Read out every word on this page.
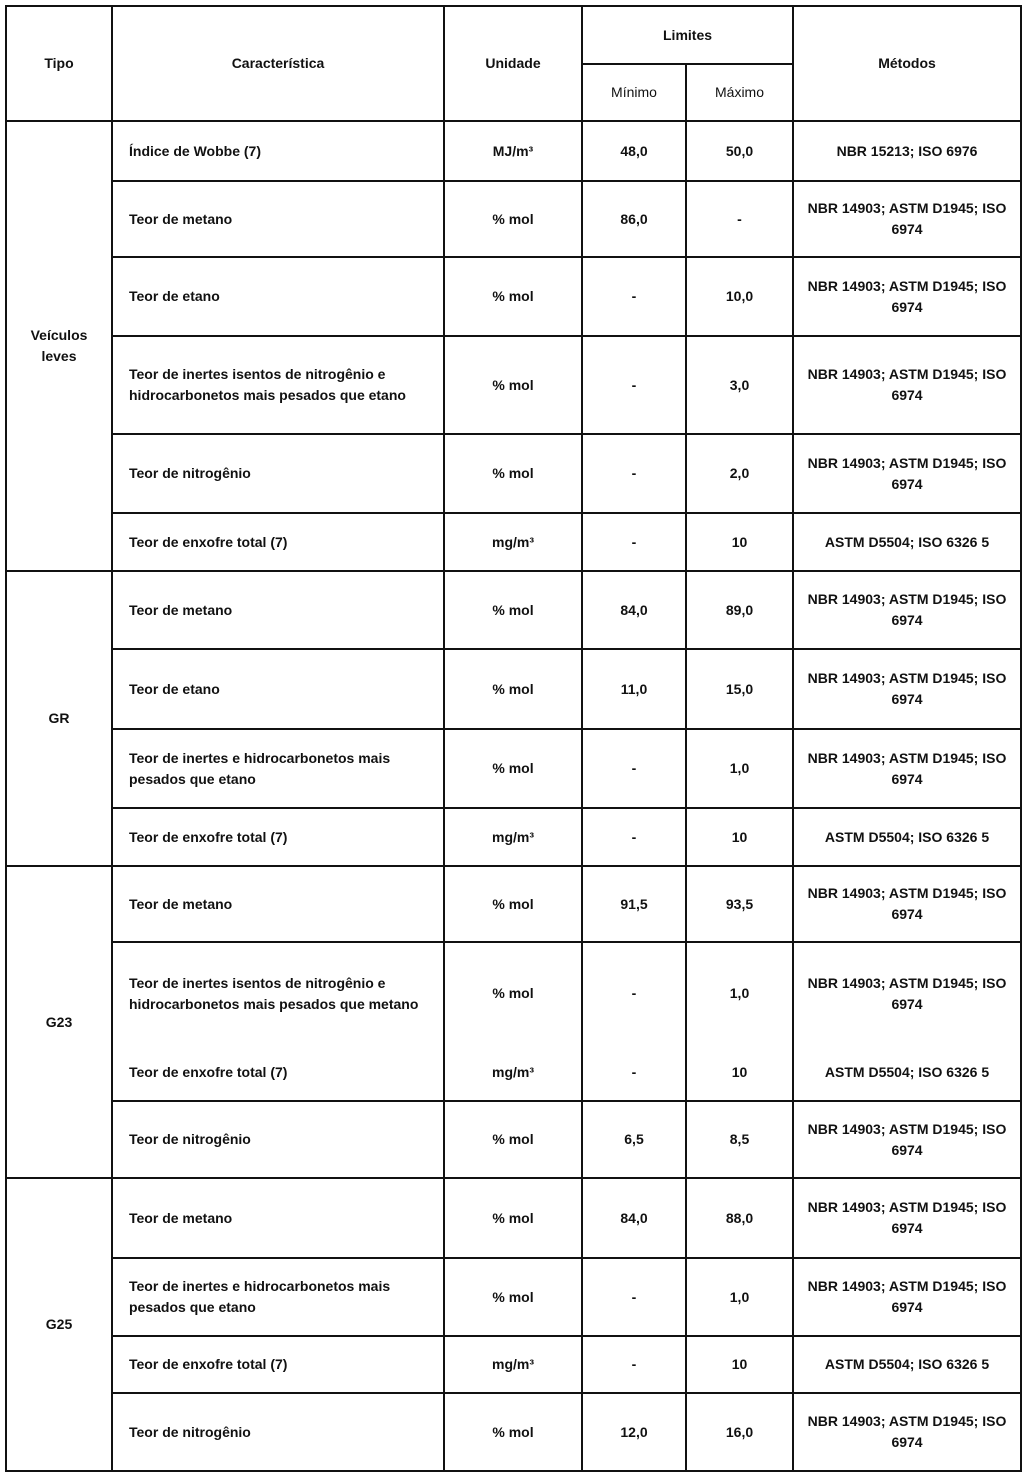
Tipo	Característica	Unidade	Limites		Métodos
			Mínimo	Máximo	
Veículos leves	Índice de Wobbe (7)	MJ/m³	48,0	50,0	NBR 15213; ISO 6976
	Teor de metano	% mol	86,0	-	NBR 14903; ASTM D1945; ISO 6974
	Teor de etano	% mol	-	10,0	NBR 14903; ASTM D1945; ISO 6974
	Teor de inertes isentos de nitrogênio e hidrocarbonetos mais pesados que etano	% mol	-	3,0	NBR 14903; ASTM D1945; ISO 6974
	Teor de nitrogênio	% mol	-	2,0	NBR 14903; ASTM D1945; ISO 6974
	Teor de enxofre total (7)	mg/m³	-	10	ASTM D5504; ISO 6326 5
GR	Teor de metano	% mol	84,0	89,0	NBR 14903; ASTM D1945; ISO 6974
	Teor de etano	% mol	11,0	15,0	NBR 14903; ASTM D1945; ISO 6974
	Teor de inertes e hidrocarbonetos mais pesados que etano	% mol	-	1,0	NBR 14903; ASTM D1945; ISO 6974
	Teor de enxofre total (7)	mg/m³	-	10	ASTM D5504; ISO 6326 5
G23	Teor de metano	% mol	91,5	93,5	NBR 14903; ASTM D1945; ISO 6974
	Teor de inertes isentos de nitrogênio e hidrocarbonetos mais pesados que metano	% mol	-	1,0	NBR 14903; ASTM D1945; ISO 6974
	Teor de enxofre total (7)	mg/m³	-	10	ASTM D5504; ISO 6326 5
	Teor de nitrogênio	% mol	6,5	8,5	NBR 14903; ASTM D1945; ISO 6974
G25	Teor de metano	% mol	84,0	88,0	NBR 14903; ASTM D1945; ISO 6974
	Teor de inertes e hidrocarbonetos mais pesados que etano	% mol	-	1,0	NBR 14903; ASTM D1945; ISO 6974
	Teor de enxofre total (7)	mg/m³	-	10	ASTM D5504; ISO 6326 5
	Teor de nitrogênio	% mol	12,0	16,0	NBR 14903; ASTM D1945; ISO 6974
